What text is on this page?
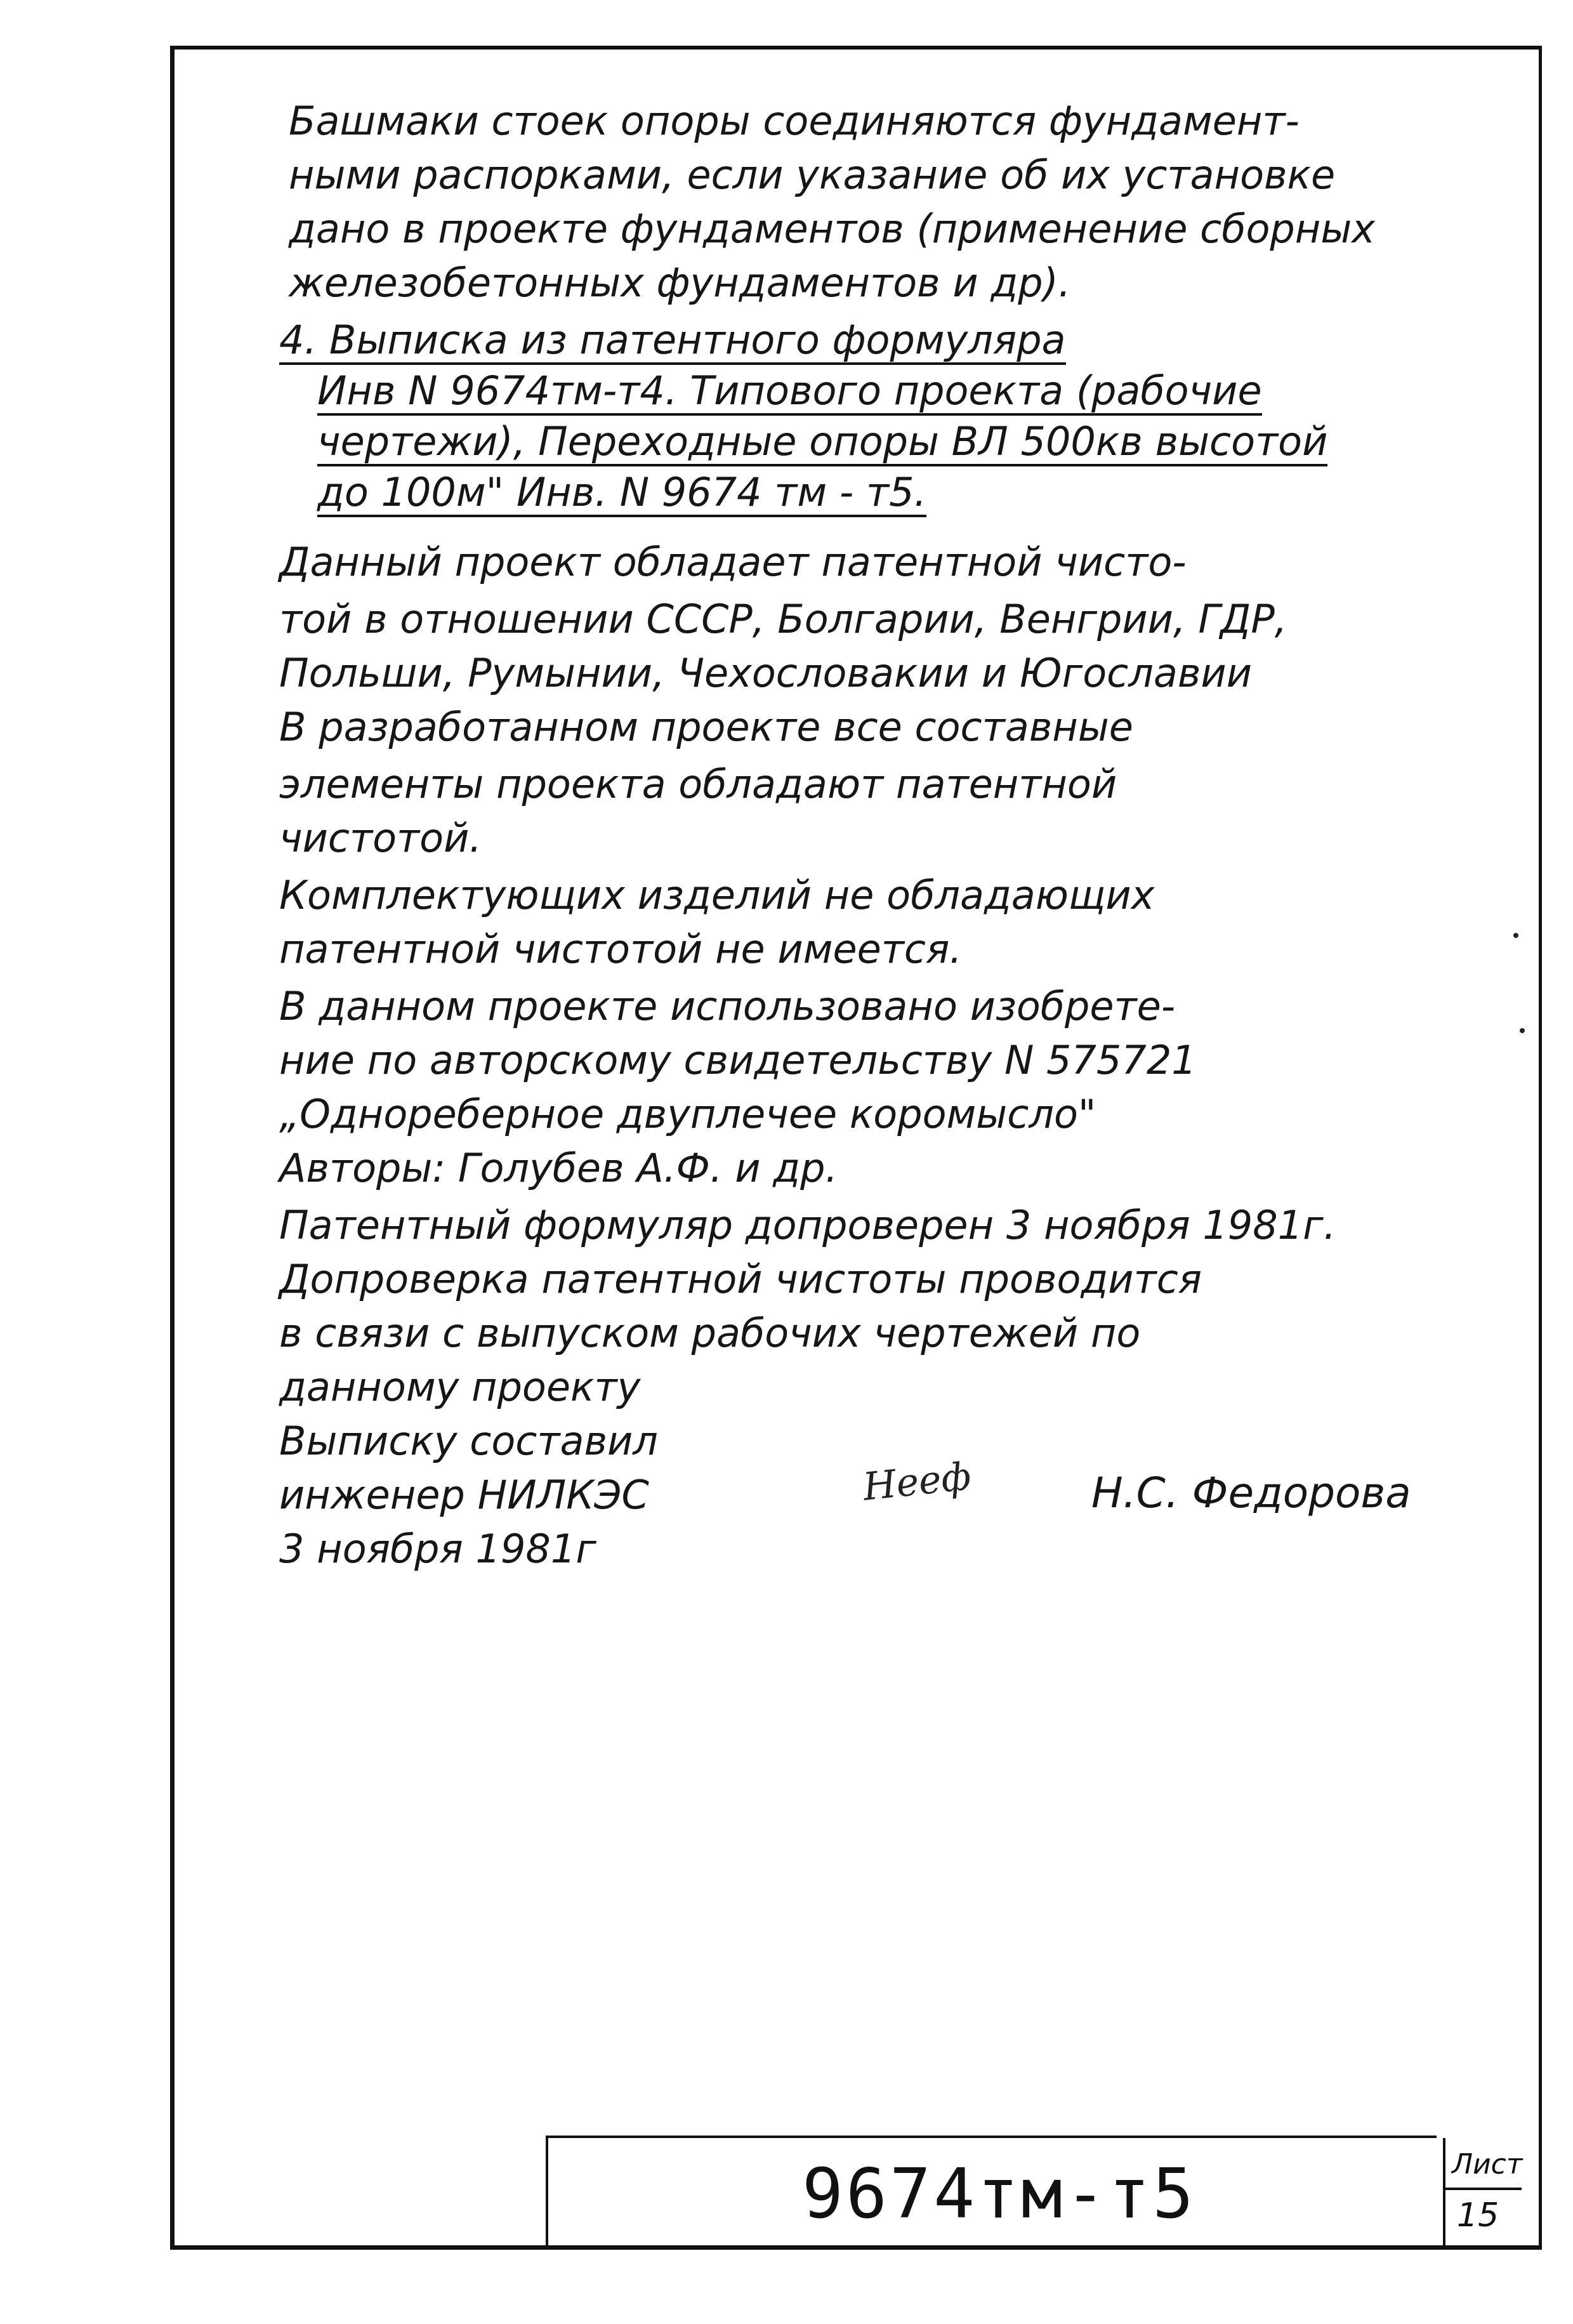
Башмаки стоек опоры соединяются фундамент-
ными распорками, если указание об их установке
дано в проекте фундаментов (применение сборных
железобетонных фундаментов и др).
4. Выписка из патентного формуляра
Инв N 9674тм-т4. Типового проекта (рабочие
чертежи), Переходные опоры ВЛ 500кв высотой
до 100м" Инв. N 9674 тм - т5.
Данный проект обладает патентной чисто-
той в отношении СССР, Болгарии, Венгрии, ГДР,
Польши, Румынии, Чехословакии и Югославии
В разработанном проекте все составные
элементы проекта обладают патентной
чистотой.
Комплектующих изделий не обладающих
патентной чистотой не имеется.
В данном проекте использовано изобрете-
ние по авторскому свидетельству N 575721
„Однореберное двуплечее коромысло"
Авторы: Голубев А.Ф. и др.
Патентный формуляр допроверен 3 ноября 1981г.
Допроверка патентной чистоты проводится
в связи с выпуском рабочих чертежей по
данному проекту
Выписку составил
инженер НИЛКЭС
3 ноября 1981г
Нееф	Н.С. Федорова
9674тм-т5	Лист
15
